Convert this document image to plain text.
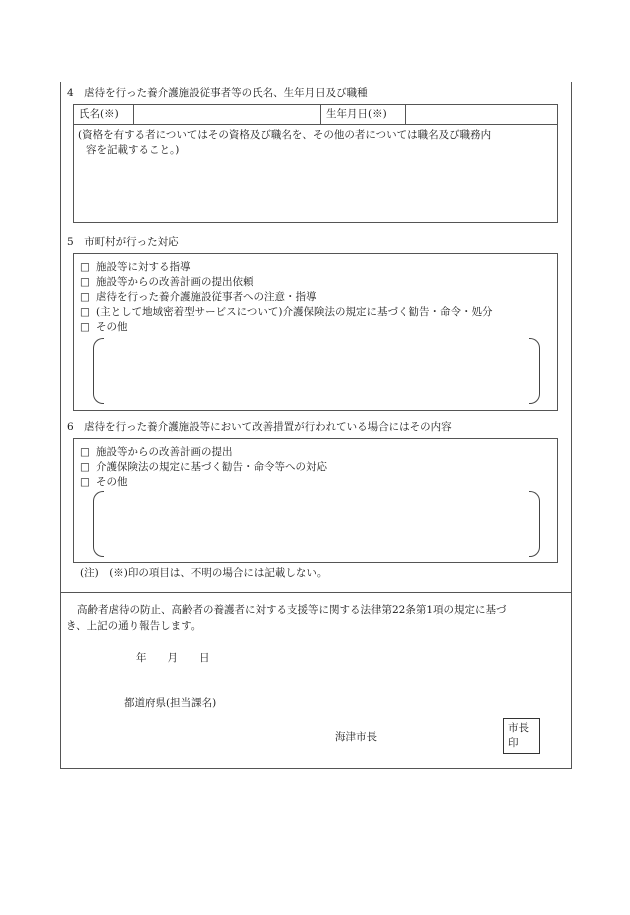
4　虐待を行った養介護施設従事者等の氏名、生年月日及び職種
氏名(※)	生年月日(※)
(資格を有する者についてはその資格及び職名を、その他の者については職名及び職務内
容を記載すること。)
5　市町村が行った対応
□ 施設等に対する指導
□ 施設等からの改善計画の提出依頼
□ 虐待を行った養介護施設従事者への注意・指導
□ (主として地域密着型サービスについて)介護保険法の規定に基づく勧告・命令・処分
□ その他
6　虐待を行った養介護施設等において改善措置が行われている場合にはその内容
□ 施設等からの改善計画の提出
□ 介護保険法の規定に基づく勧告・命令等への対応
□ その他
(注)　(※)印の項目は、不明の場合には記載しない。
高齢者虐待の防止、高齢者の養護者に対する支援等に関する法律第22条第1項の規定に基づ
き、上記の通り報告します。
年　　月　　日
都道府県(担当課名)
海津市長
市長
印
